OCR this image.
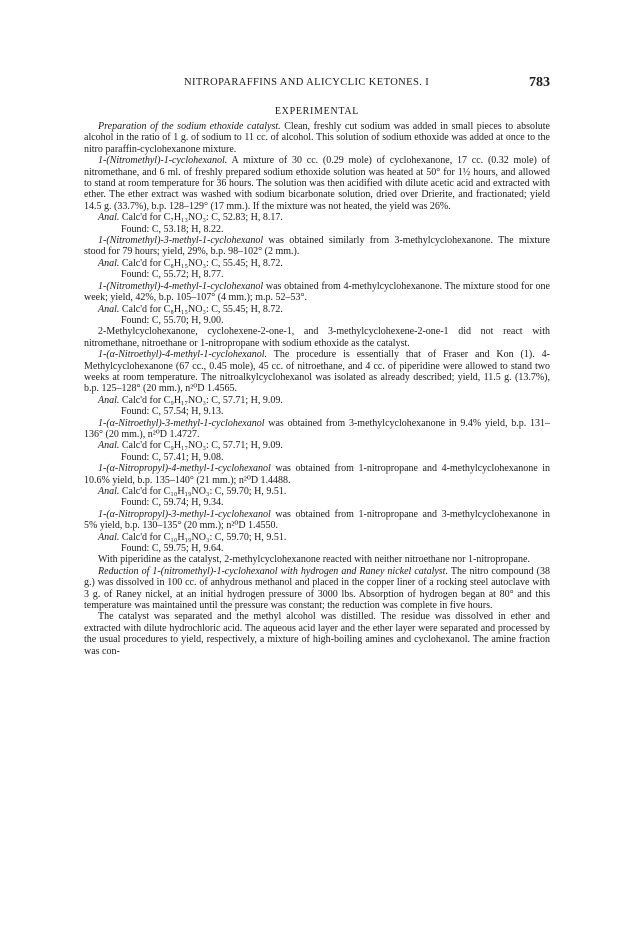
NITROPARAFFINS AND ALICYCLIC KETONES. I	783
EXPERIMENTAL

Preparation of the sodium ethoxide catalyst. Clean, freshly cut sodium was added in small pieces to absolute alcohol in the ratio of 1 g. of sodium to 11 cc. of alcohol. This solution of sodium ethoxide was added at once to the nitro paraffin-cyclohexanone mixture.

1-(Nitromethyl)-1-cyclohexanol. A mixture of 30 cc. (0.29 mole) of cyclohexanone, 17 cc. (0.32 mole) of nitromethane, and 6 ml. of freshly prepared sodium ethoxide solution was heated at 50° for 1½ hours, and allowed to stand at room temperature for 36 hours. The solution was then acidified with dilute acetic acid and extracted with ether. The ether extract was washed with sodium bicarbonate solution, dried over Drierite, and fractionated; yield 14.5 g. (33.7%), b.p. 128–129° (17 mm.). If the mixture was not heated, the yield was 26%.

Anal. Calc'd for C₇H₁₃NO₃: C, 52.83; H, 8.17.

Found: C, 53.18; H, 8.22.

1-(Nitromethyl)-3-methyl-1-cyclohexanol was obtained similarly from 3-methylcyclohexanone. The mixture stood for 79 hours; yield, 29%, b.p. 98–102° (2 mm.).

Anal. Calc'd for C₈H₁₅NO₃: C, 55.45; H, 8.72.

Found: C, 55.72; H, 8.77.

1-(Nitromethyl)-4-methyl-1-cyclohexanol was obtained from 4-methylcyclohexanone. The mixture stood for one week; yield, 42%, b.p. 105–107° (4 mm.); m.p. 52–53°.

Anal. Calc'd for C₈H₁₅NO₃: C, 55.45; H, 8.72.

Found: C, 55.70; H, 9.00.

2-Methylcyclohexanone, cyclohexene-2-one-1, and 3-methylcyclohexene-2-one-1 did not react with nitromethane, nitroethane or 1-nitropropane with sodium ethoxide as the catalyst.

1-(α-Nitroethyl)-4-methyl-1-cyclohexanol. The procedure is essentially that of Fraser and Kon (1). 4-Methylcyclohexanone (67 cc., 0.45 mole), 45 cc. of nitroethane, and 4 cc. of piperidine were allowed to stand two weeks at room temperature. The nitroalkylcyclohexanol was isolated as already described; yield, 11.5 g. (13.7%), b.p. 125–128° (20 mm.), n²⁰D 1.4565.

Anal. Calc'd for C₉H₁₇NO₃: C, 57.71; H, 9.09.

Found: C, 57.54; H, 9.13.

1-(α-Nitroethyl)-3-methyl-1-cyclohexanol was obtained from 3-methylcyclohexanone in 9.4% yield, b.p. 131–136° (20 mm.), n²⁰D 1.4727.

Anal. Calc'd for C₉H₁₇NO₃: C, 57.71; H, 9.09.

Found: C, 57.41; H, 9.08.

1-(α-Nitropropyl)-4-methyl-1-cyclohexanol was obtained from 1-nitropropane and 4-methylcyclohexanone in 10.6% yield, b.p. 135–140° (21 mm.); n²⁰D 1.4488.

Anal. Calc'd for C₁₀H₁₉NO₃: C, 59.70; H, 9.51.

Found: C, 59.74; H, 9.34.

1-(α-Nitropropyl)-3-methyl-1-cyclohexanol was obtained from 1-nitropropane and 3-methylcyclohexanone in 5% yield, b.p. 130–135° (20 mm.); n²⁰D 1.4550.

Anal. Calc'd for C₁₀H₁₉NO₃: C, 59.70; H, 9.51.

Found: C, 59.75; H, 9.64.

With piperidine as the catalyst, 2-methylcyclohexanone reacted with neither nitroethane nor 1-nitropropane.

Reduction of 1-(nitromethyl)-1-cyclohexanol with hydrogen and Raney nickel catalyst. The nitro compound (38 g.) was dissolved in 100 cc. of anhydrous methanol and placed in the copper liner of a rocking steel autoclave with 3 g. of Raney nickel, at an initial hydrogen pressure of 3000 lbs. Absorption of hydrogen began at 80° and this temperature was maintained until the pressure was constant; the reduction was complete in five hours.

The catalyst was separated and the methyl alcohol was distilled. The residue was dissolved in ether and extracted with dilute hydrochloric acid. The aqueous acid layer and the ether layer were separated and processed by the usual procedures to yield, respectively, a mixture of high-boiling amines and cyclohexanol. The amine fraction was con-
